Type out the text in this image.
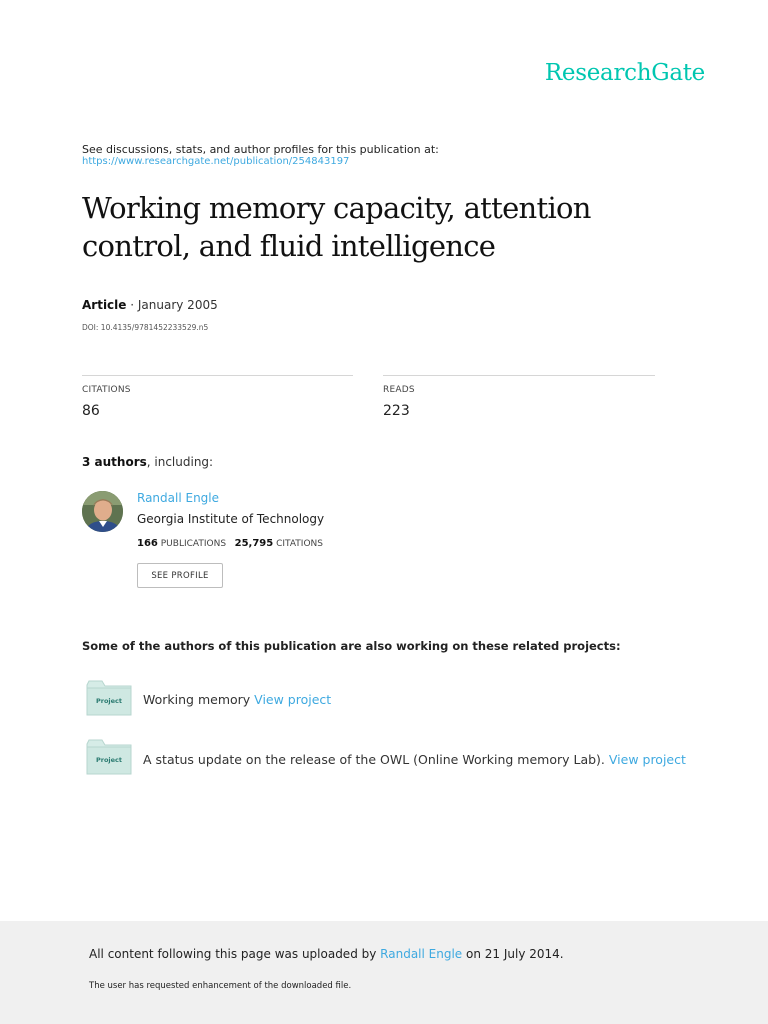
ResearchGate
See discussions, stats, and author profiles for this publication at:
https://www.researchgate.net/publication/254843197
Working memory capacity, attention
control, and fluid intelligence
Article · January 2005
DOI: 10.4135/9781452233529.n5
CITATIONS
86
READS
223
3 authors, including:
Randall Engle
Georgia Institute of Technology
166 PUBLICATIONS 25,795 CITATIONS
SEE PROFILE
Some of the authors of this publication are also working on these related projects:
Project	Working memory View project
Project	A status update on the release of the OWL (Online Working memory Lab). View project
All content following this page was uploaded by Randall Engle on 21 July 2014.
The user has requested enhancement of the downloaded file.
